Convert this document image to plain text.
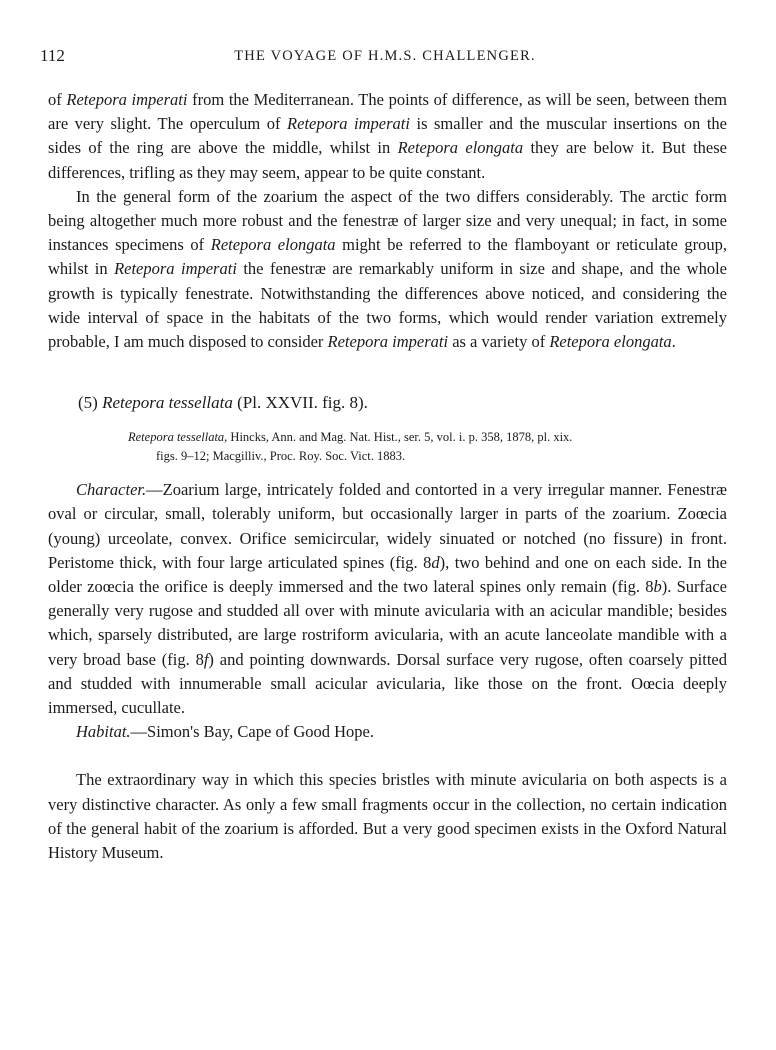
112	THE VOYAGE OF H.M.S. CHALLENGER.

of Retepora imperati from the Mediterranean. The points of difference, as will be seen, between them are very slight. The operculum of Retepora imperati is smaller and the muscular insertions on the sides of the ring are above the middle, whilst in Retepora elongata they are below it. But these differences, trifling as they may seem, appear to be quite constant.

In the general form of the zoarium the aspect of the two differs considerably. The arctic form being altogether much more robust and the fenestræ of larger size and very unequal; in fact, in some instances specimens of Retepora elongata might be referred to the flamboyant or reticulate group, whilst in Retepora imperati the fenestræ are remarkably uniform in size and shape, and the whole growth is typically fenestrate. Notwithstanding the differences above noticed, and considering the wide interval of space in the habitats of the two forms, which would render variation extremely probable, I am much disposed to consider Retepora imperati as a variety of Retepora elongata.

(5) Retepora tessellata (Pl. XXVII. fig. 8).

Retepora tessellata, Hincks, Ann. and Mag. Nat. Hist., ser. 5, vol. i. p. 358, 1878, pl. xix.
figs. 9–12; Macgilliv., Proc. Roy. Soc. Vict. 1883.

Character.—Zoarium large, intricately folded and contorted in a very irregular manner. Fenestræ oval or circular, small, tolerably uniform, but occasionally larger in parts of the zoarium. Zoœcia (young) urceolate, convex. Orifice semicircular, widely sinuated or notched (no fissure) in front. Peristome thick, with four large articulated spines (fig. 8d), two behind and one on each side. In the older zoœcia the orifice is deeply immersed and the two lateral spines only remain (fig. 8b). Surface generally very rugose and studded all over with minute avicularia with an acicular mandible; besides which, sparsely distributed, are large rostriform avicularia, with an acute lanceolate mandible with a very broad base (fig. 8f) and pointing downwards. Dorsal surface very rugose, often coarsely pitted and studded with innumerable small acicular avicularia, like those on the front. Oœcia deeply immersed, cucullate.

Habitat.—Simon's Bay, Cape of Good Hope.

The extraordinary way in which this species bristles with minute avicularia on both aspects is a very distinctive character. As only a few small fragments occur in the collection, no certain indication of the general habit of the zoarium is afforded. But a very good specimen exists in the Oxford Natural History Museum.
